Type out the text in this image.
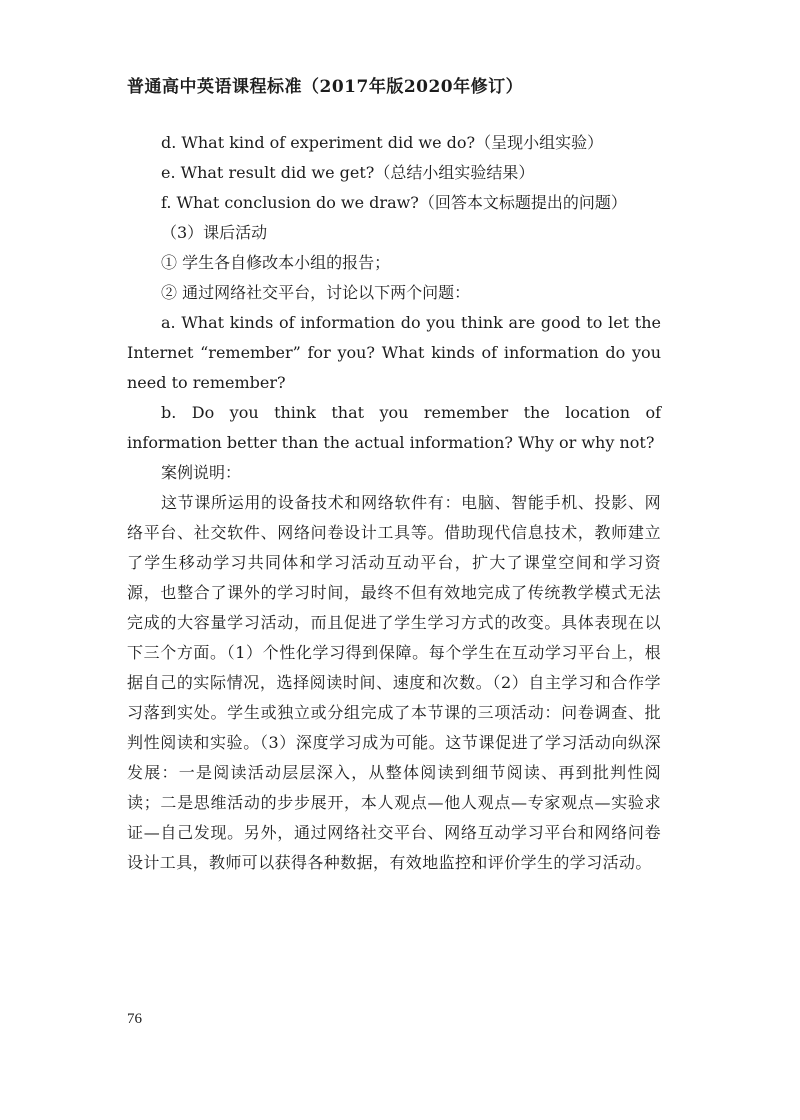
普通高中英语课程标准（2017年版2020年修订）
d. What kind of experiment did we do?（呈现小组实验）
e. What result did we get?（总结小组实验结果）
f. What conclusion do we draw?（回答本文标题提出的问题）
（3）课后活动
① 学生各自修改本小组的报告；
② 通过网络社交平台，讨论以下两个问题：

a. What kinds of information do you think are good to let the Internet “remember” for you? What kinds of information do you need to remember?

b. Do you think that you remember the location of information better than the actual information? Why or why not?

案例说明：

这节课所运用的设备技术和网络软件有：电脑、智能手机、投影、网络平台、社交软件、网络问卷设计工具等。借助现代信息技术，教师建立了学生移动学习共同体和学习活动互动平台，扩大了课堂空间和学习资源，也整合了课外的学习时间，最终不但有效地完成了传统教学模式无法完成的大容量学习活动，而且促进了学生学习方式的改变。具体表现在以下三个方面。（1）个性化学习得到保障。每个学生在互动学习平台上，根据自己的实际情况，选择阅读时间、速度和次数。（2）自主学习和合作学习落到实处。学生或独立或分组完成了本节课的三项活动：问卷调查、批判性阅读和实验。（3）深度学习成为可能。这节课促进了学习活动向纵深发展：一是阅读活动层层深入，从整体阅读到细节阅读、再到批判性阅读；二是思维活动的步步展开，本人观点—他人观点—专家观点—实验求证—自己发现。另外，通过网络社交平台、网络互动学习平台和网络问卷设计工具，教师可以获得各种数据，有效地监控和评价学生的学习活动。

76
